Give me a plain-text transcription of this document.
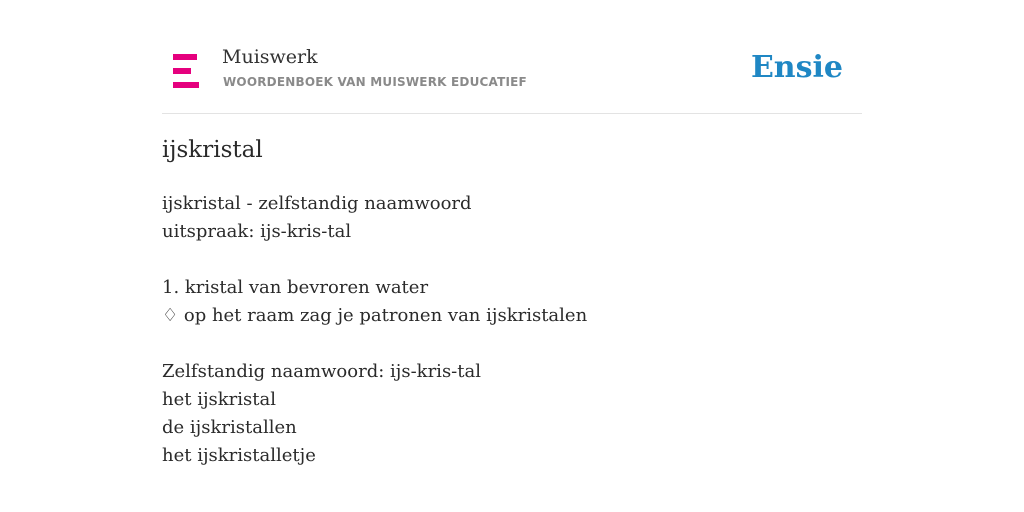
Muiswerk
WOORDENBOEK VAN MUISWERK EDUCATIEF	Ensie
ijskristal
ijskristal - zelfstandig naamwoord
uitspraak: ijs-kris-tal
1. kristal van bevroren water
♢ op het raam zag je patronen van ijskristalen
Zelfstandig naamwoord: ijs-kris-tal
het ijskristal
de ijskristallen
het ijskristalletje
